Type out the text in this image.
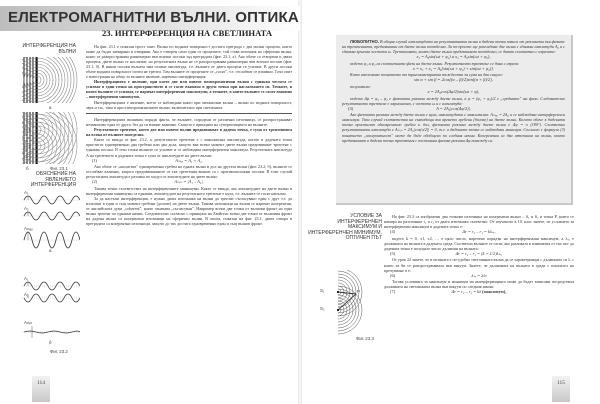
ЕЛЕКТРОМАГНИТНИ ВЪЛНИ. ОПТИКА
23. ИНТЕРФЕРЕНЦИЯ НА СВЕТЛИНАТА
ИНТЕРФЕРЕНЦИЯ НА ВЪЛНИ
а
б	Фиг. 23.1
ОБЯСНЕНИЕ НА ЯВЛЕНИЕТО ИНТЕРФЕРЕНЦИЯ
A₁
A₂
Aₘₐₓ
а
A₁
A₂
Aₘᵢₙ
б
Фиг. 23.2

На фиг. 23.1 е показан прост опит. Вълна по водната повърхност достига преграда с два малки процепа, които може да бъдат затваряни и отваряни. Ако е отворен само един от процепите, той става източник на сферична вълна, която се разпространява равномерно във всички посоки зад преградата (фиг. 23.1, а). Ако обаче са отворени и двата процепа, двете вълни се наслагват, но резултатната вълна не се разпространява равномерно във всички посоки (фиг. 23.1, б). В някои посоки вълната има голяма амплитуда, т.е. вълните от двата процепа се усилват. В други посоки обаче водната повърхност почти не трепти. Там вълните от процепите се „гасят", т.е. отслабват се взаимно. Този опит е илюстрация на общо за вълните явление, наречено интерференция.

Интерферацията е явление, при което две или повече монохроматични вълни с еднаква честота се усилват в едни точки на пространството и се гасят взаимно в други точки при наслагването си. Точките, в които вълните се усилват, се наричат интерференчни максимуми, а точките, в които вълните се гасят взаимно – интерференчни минимуми.

Интерференцията е явление, което се наблюдава както при механични вълни – вълни по водната повърхност, звук и т.н., така и при електромагнитните вълни, включително при светлината.

Интерференцията възниква поради факта, че вълните, породени от различни източници, се разпространяват независимо една от друга, без да си влияят взаимно. Същото е принципа на суперпозицията на вълните.

Резултатното трептене, което две или повече вълни предизвикват в дадена точка, е сума от трептенията на всяка от вълните поотделно.

Както се вижда от фиг. 23.2, а, резултатното трептене е с максимална амплитуда, когато в дадената точка пристигат едновременно два гребена или два дола, защото във всеки момент двете вълни предизвикват трептене с еднаква посока. В тези точки вълните се усилват и се наблюдава интерференчен максимум. Резултатната амплитуда A на трептенето в дадената точка е сума от амплитудите на двете вълни:

(1)	Aₘₐₓ = A₁ + A₂.

Ако обаче се „наслагват" едновременно гребен на едната вълна и дол на другата вълна (фиг. 23.2, б), вълните се отслабват взаимно, защото предизвикваните от тях трептения винаги са с противоположни посоки. В този случай резултатната амплитуда е разлика по модул от амплитудите на двете вълни:

(2)	Aₘᵢₙ = |A₁ – A₂|.

Такива точки съответстват на интерференчните минимуми. Както се вижда, ако амплитудите на двете вълни в интерференчни минимуми са еднакви, амплитудата на резултатното трептене е нула, т.е. вълните се гасят напълно.

За да настъпи интерференция, е нужно двата източника на вълни да трептят съгласувано един с друг т.е. да излъчват в един и същ момент гребени (долове) на двете вълни. Такива източници на вълни се наричат кохерентни, от английската дума „coherent", която означава „съгласуван". Например всеки две точки от вълнови фронт на една вълна трептят по еднакъв начин. Следователно съгласно с принципа на Хюйгенс всеки две точки от вълновия фронт на дадена вълна са кохерентни източници на сферични вълни. В опита, показан на фиг. 23.1, двата отвора в преградата са кохерентни източници, защото до тях достига едновременно един и същ вълнов фронт.

114

ЛЮБОПИТНО. В общия случай амплитудата на резултантната вълна в дадена точка зависи от разликата във фазите на трептенията, предизвикани от двете вълни поотделно. За по-просто ще разгледаме две вълни с еднакви амплитуди A₀ и с еднаква кръгова честота ω. Трептенията, които двете вълни предизвикват поотделно, се дават съответно с изразите:

x₁ = A₀sin(ωt + φ₁) и x₂ = A₀sin(ωt + φ₂),

където φ₁ и φ₂ са съответните фази на двете вълни. Резултатното трептене се дава с израза:

x = x₁ + x₂ = A₀[sin(ωt + φ₁) + sin(ωt + φ₂)].

Като използваме познатото от тригонометрията тъждество за сума на два синуса:

sin α + sin β = 2cos((α – β)/2)sin((α + β)/2),

получаваме:

x = 2A₀cos(Δφ/2)sin(ωt + φ),

където Δφ = φ₁ – φ₂ е фазовата разлика между двете вълни, а φ = (φ₁ + φ₂)/2 е „средната" им фаза. Следователно резултатното трептене е хармонично, с честота ω и с амплитуда:

(3)	A = 2A₀|cos(Δφ/2)|.

Ако фазовата разлика между двете вълни е нула, амплитудата е максимална: Aₘₐₓ = 2A₀ и се наблюдава интерференчен максимум. Тази случай съответства на съвпадащи във времето гребени (долове) на двете вълни. Когато обаче в дадената точка пристигат едновременно гребен и дол, фазовата разлика между двете вълни е Δφ = π (180°). Съответно резултантната амплитуда е Aₘᵢₙ = 2A₀|cos(π/2)| = 0, т.е. в дадената точка се наблюдава минимум. Съгласно с формула (3) понятието „кохерентност" може да бъде обобщено по следния начин. Кохерентни са два източника на вълни, които предизвикват в дадена точка трептения с постоянна фазова разлика Δφ помежду си.

УСЛОВИЕ ЗА ИНТЕРФЕРЕНЧЕН МАКСИМУМ И ИНТЕРФЕРЕНЧЕН МИНИМУМ. ОПТИЧЕН ПЪТ
S₁
S₂
P
Фиг. 23.3

На фиг. 23.3 са изобразени два точкови източника на кохерентни вълни – S₁ и S₂ и точка P, които се намира на разстояние r₁ и r₂ от двата източника съответно. От изученото в 10. клас знаете, че условието за интерференчен максимум в дадената точка е:

(4)	Δr = r₂ – r₁ = kλₛᵣ,

където k = 0, ±1, ±2, … е цяло число, наречено порядък на интерференчния максимум, а λₛᵣ е дължината на вълната в дадената среда. Съответно вълните се гасят, ако разликата в изминатия от тях път до дадената точка е полуцяло число дължини на вълната:

(5)	Δr = r₂ – r₁ = (k + 1/2)λₛᵣ,

От урок 22 знаете, че в оптиката е по-удобно светлинната вълна да се характеризира с дължината си λ, с която тя би се разпространявала във вакуум. Знаете, че дължината на вълната в среда с показател на пречупване n е:

(6)	λₛᵣ = λ/n

Тогава условията за максимум и минимум на интерференцията може да бъдат записани посредством дължината на светлинната вълна във вакуум по следния начин:

(7)	Δr = r₂ – r₁ = kλ (максимум),
115
